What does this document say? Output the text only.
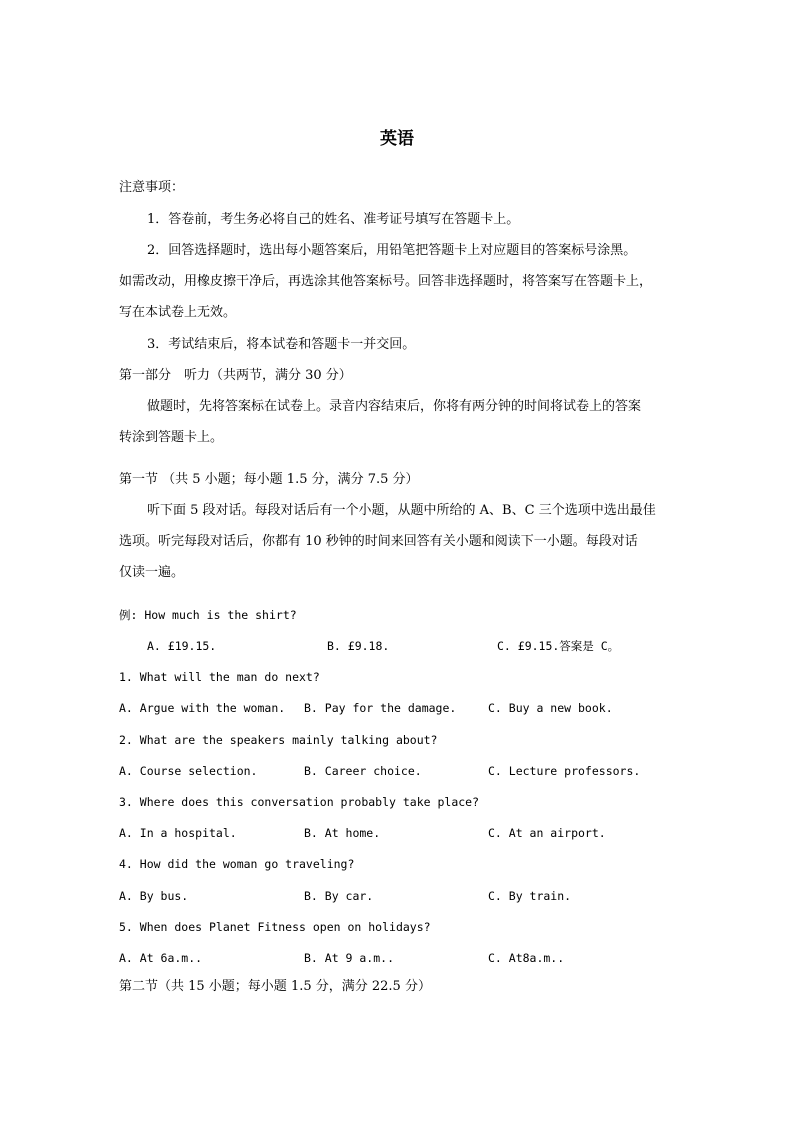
英语
注意事项：
1．答卷前，考生务必将自己的姓名、准考证号填写在答题卡上。
2．回答选择题时，选出每小题答案后，用铅笔把答题卡上对应题目的答案标号涂黑。
如需改动，用橡皮擦干净后，再选涂其他答案标号。回答非选择题时，将答案写在答题卡上，
写在本试卷上无效。
3．考试结束后，将本试卷和答题卡一并交回。
第一部分　听力（共两节，满分 30 分）
做题时，先将答案标在试卷上。录音内容结束后，你将有两分钟的时间将试卷上的答案
转涂到答题卡上。
第一节 （共 5 小题；每小题 1.5 分，满分 7.5 分）
听下面 5 段对话。每段对话后有一个小题，从题中所给的 A、B、C 三个选项中选出最佳
选项。听完每段对话后，你都有 10 秒钟的时间来回答有关小题和阅读下一小题。每段对话
仅读一遍。
例: How much is the shirt?
A. £19.15.	B. £9.18.	C. £9.15.答案是 C。
1. What will the man do next?
A. Argue with the woman. B. Pay for the damage.	C. Buy a new book.
2. What are the speakers mainly talking about?
A. Course selection.	B. Career choice.	C. Lecture professors.
3. Where does this conversation probably take place?
A. In a hospital.	B. At home.	C. At an airport.
4. How did the woman go traveling?
A. By bus.	B. By car.	C. By train.
5. When does Planet Fitness open on holidays?
A. At 6a.m..	B. At 9 a.m..	C. At8a.m..
第二节（共 15 小题；每小题 1.5 分，满分 22.5 分）
